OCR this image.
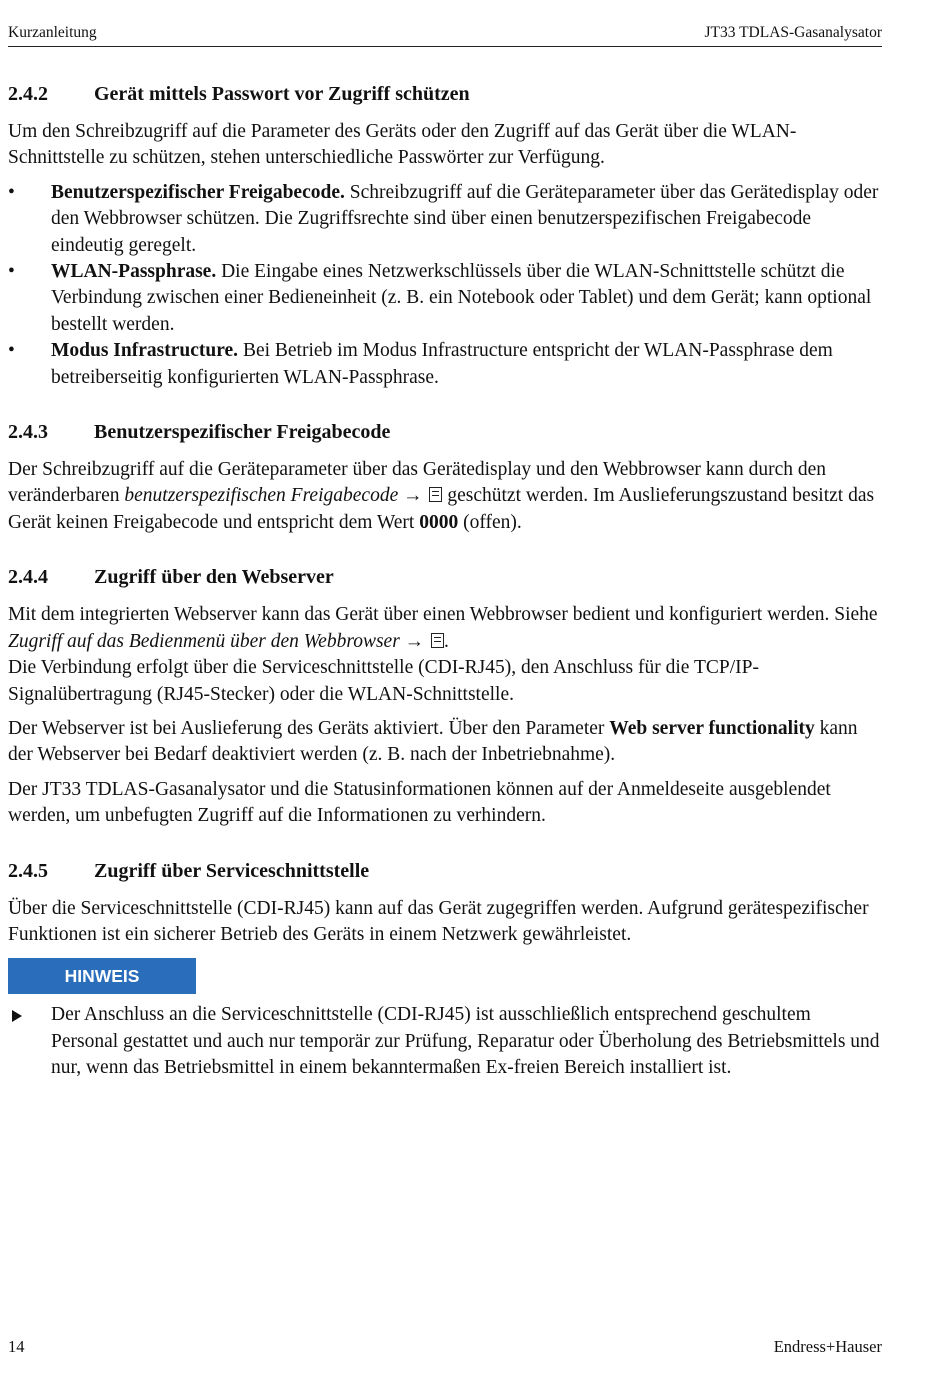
Kurzanleitung	JT33 TDLAS-Gasanalysator
2.4.2	Gerät mittels Passwort vor Zugriff schützen

Um den Schreibzugriff auf die Parameter des Geräts oder den Zugriff auf das Gerät über die WLAN-Schnittstelle zu schützen, stehen unterschiedliche Passwörter zur Verfügung.

• Benutzerspezifischer Freigabecode. Schreibzugriff auf die Geräteparameter über das Gerätedisplay oder den Webbrowser schützen. Die Zugriffsrechte sind über einen benutzerspezifischen Freigabecode eindeutig geregelt.
• WLAN-Passphrase. Die Eingabe eines Netzwerkschlüssels über die WLAN-Schnittstelle schützt die Verbindung zwischen einer Bedieneinheit (z. B. ein Notebook oder Tablet) und dem Gerät; kann optional bestellt werden.
• Modus Infrastructure. Bei Betrieb im Modus Infrastructure entspricht der WLAN-Passphrase dem betreiberseitig konfigurierten WLAN-Passphrase.
2.4.3	Benutzerspezifischer Freigabecode

Der Schreibzugriff auf die Geräteparameter über das Gerätedisplay und den Webbrowser kann durch den veränderbaren benutzerspezifischen Freigabecode →  geschützt werden. Im Auslieferungszustand besitzt das Gerät keinen Freigabecode und entspricht dem Wert 0000 (offen).

2.4.4	Zugriff über den Webserver

Mit dem integrierten Webserver kann das Gerät über einen Webbrowser bedient und konfiguriert werden. Siehe Zugriff auf das Bedienmenü über den Webbrowser → .
Die Verbindung erfolgt über die Serviceschnittstelle (CDI-RJ45), den Anschluss für die TCP/IP-Signalübertragung (RJ45-Stecker) oder die WLAN-Schnittstelle.

Der Webserver ist bei Auslieferung des Geräts aktiviert. Über den Parameter Web server functionality kann der Webserver bei Bedarf deaktiviert werden (z. B. nach der Inbetriebnahme).

Der JT33 TDLAS-Gasanalysator und die Statusinformationen können auf der Anmeldeseite ausgeblendet werden, um unbefugten Zugriff auf die Informationen zu verhindern.

2.4.5	Zugriff über Serviceschnittstelle

Über die Serviceschnittstelle (CDI-RJ45) kann auf das Gerät zugegriffen werden. Aufgrund gerätespezifischer Funktionen ist ein sicherer Betrieb des Geräts in einem Netzwerk gewährleistet.

HINWEIS

Der Anschluss an die Serviceschnittstelle (CDI-RJ45) ist ausschließlich entsprechend geschultem Personal gestattet und auch nur temporär zur Prüfung, Reparatur oder Überholung des Betriebsmittels und nur, wenn das Betriebsmittel in einem bekanntermaßen Ex-freien Bereich installiert ist.

14	Endress+Hauser
